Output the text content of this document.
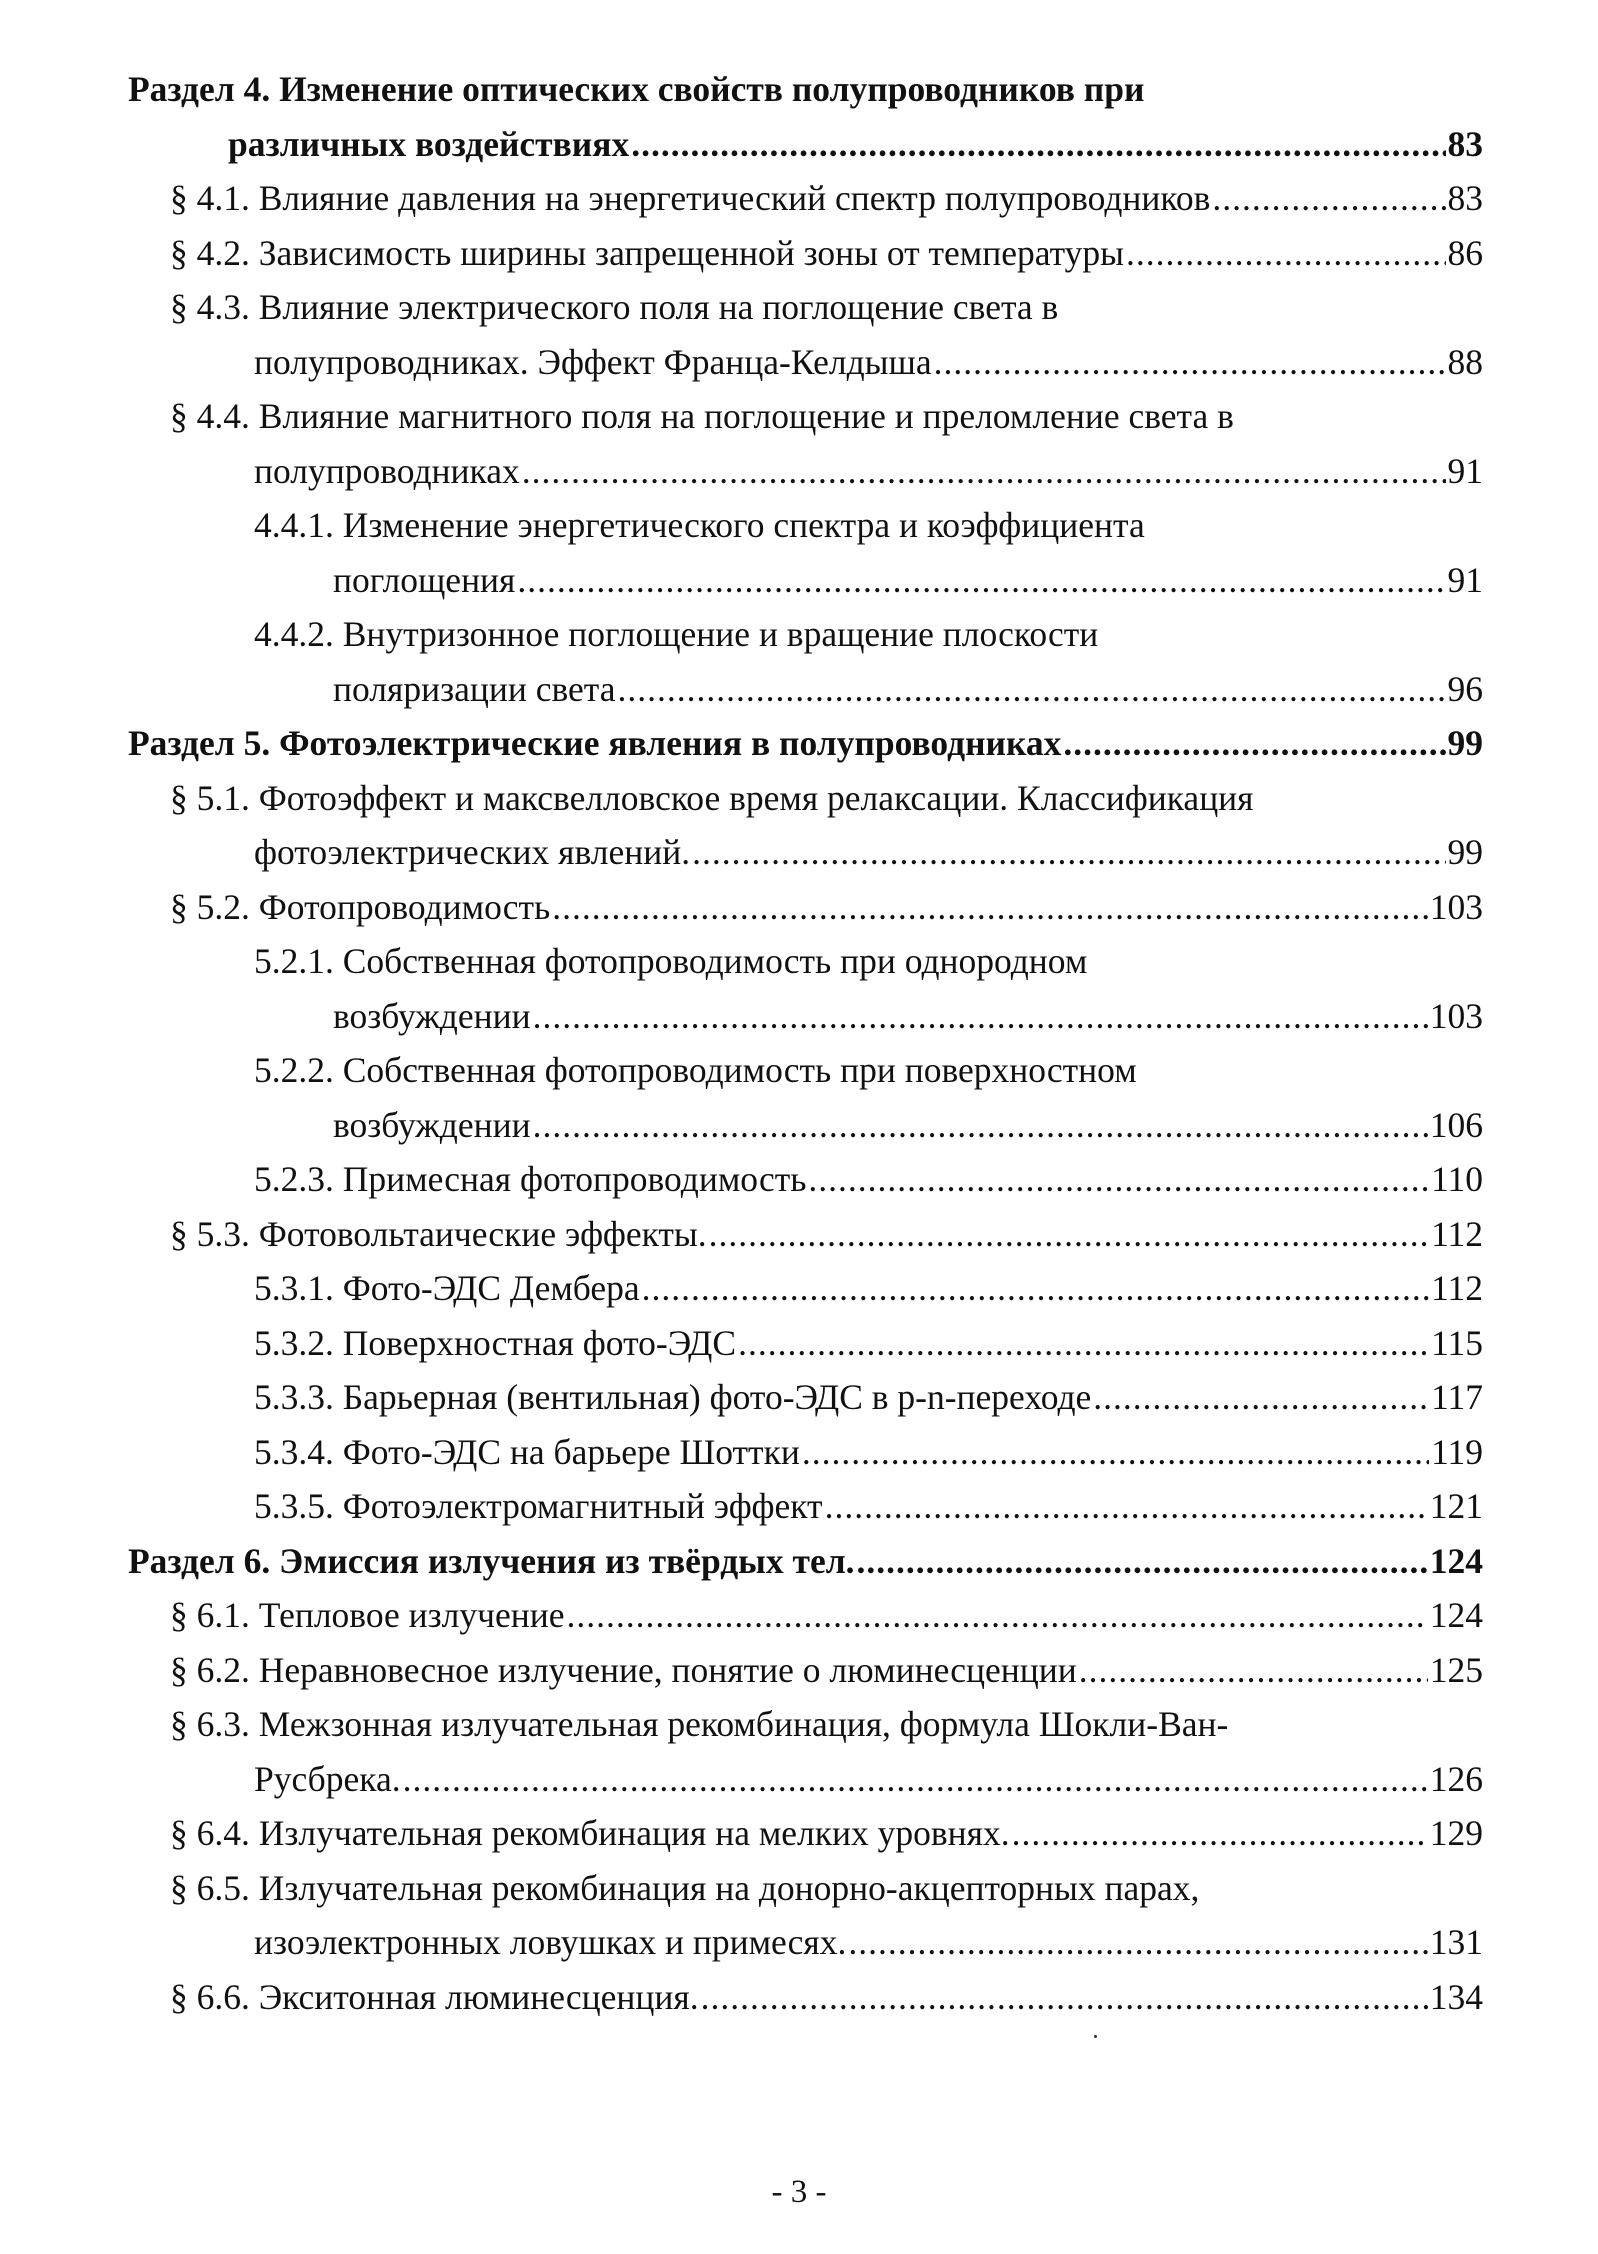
Раздел 4. Изменение оптических свойств полупроводников при
различных воздействиях .....	83
§ 4.1. Влияние давления на энергетический спектр полупроводников .....	83
§ 4.2. Зависимость ширины запрещенной зоны от температуры .....	86
§ 4.3. Влияние электрического поля на поглощение света в
полупроводниках. Эффект Франца-Келдыша .....	88
§ 4.4. Влияние магнитного поля на поглощение и преломление света в
полупроводниках .....	91
4.4.1. Изменение энергетического спектра и коэффициента
поглощения .....	91
4.4.2. Внутризонное поглощение и вращение плоскости
поляризации света .....	96
Раздел 5. Фотоэлектрические явления в полупроводниках .....	99
§ 5.1. Фотоэффект и максвелловское время релаксации. Классификация
фотоэлектрических явлений. .....	99
§ 5.2. Фотопроводимость .....	103
5.2.1. Собственная фотопроводимость при однородном
возбуждении .....	103
5.2.2. Собственная фотопроводимость при поверхностном
возбуждении .....	106
5.2.3. Примесная фотопроводимость .....	110
§ 5.3. Фотовольтаические эффекты. .....	112
5.3.1. Фото-ЭДС Дембера .....	112
5.3.2. Поверхностная фото-ЭДС .....	115
5.3.3. Барьерная (вентильная) фото-ЭДС в p-n-переходе .....	117
5.3.4. Фото-ЭДС на барьере Шоттки .....	119
5.3.5. Фотоэлектромагнитный эффект .....	121
Раздел 6. Эмиссия излучения из твёрдых тел. .....	124
§ 6.1. Тепловое излучение .....	124
§ 6.2. Неравновесное излучение, понятие о люминесценции .....	125
§ 6.3. Межзонная излучательная рекомбинация, формула Шокли-Ван-
Русбрека. .....	126
§ 6.4. Излучательная рекомбинация на мелких уровнях. .....	129
§ 6.5. Излучательная рекомбинация на донорно-акцепторных парах,
изоэлектронных ловушках и примесях. .....	131
§ 6.6. Экситонная люминесценция. .....	134
- 3 -
